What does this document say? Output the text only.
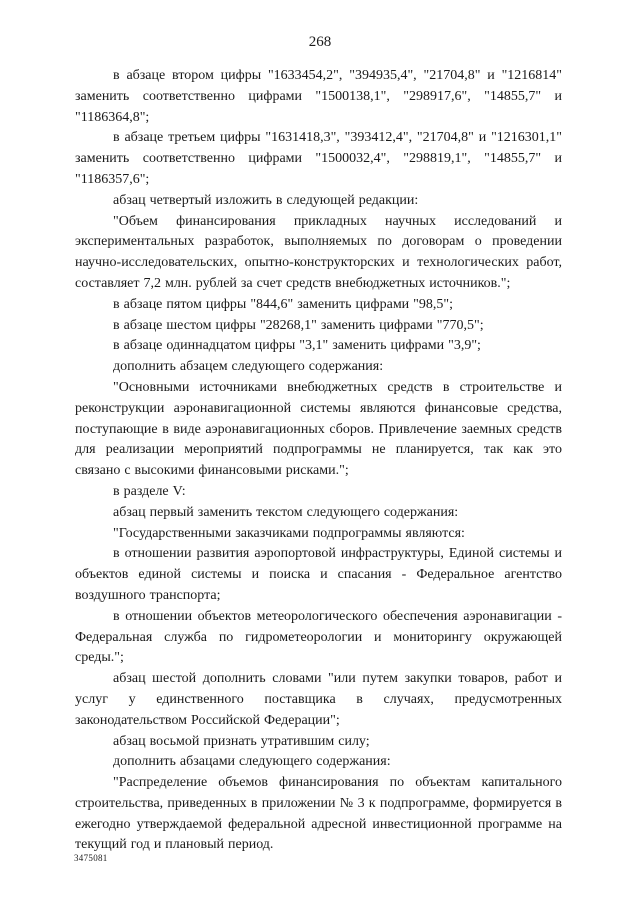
268

в абзаце втором цифры "1633454,2", "394935,4", "21704,8" и "1216814" заменить соответственно цифрами "1500138,1", "298917,6", "14855,7" и "1186364,8";

в абзаце третьем цифры "1631418,3", "393412,4", "21704,8" и "1216301,1" заменить соответственно цифрами "1500032,4", "298819,1", "14855,7" и "1186357,6";

абзац четвертый изложить в следующей редакции:

"Объем финансирования прикладных научных исследований и экспериментальных разработок, выполняемых по договорам о проведении научно-исследовательских, опытно-конструкторских и технологических работ, составляет 7,2 млн. рублей за счет средств внебюджетных источников.";

в абзаце пятом цифры "844,6" заменить цифрами "98,5";

в абзаце шестом цифры "28268,1" заменить цифрами "770,5";

в абзаце одиннадцатом цифры "3,1" заменить цифрами "3,9";

дополнить абзацем следующего содержания:

"Основными источниками внебюджетных средств в строительстве и реконструкции аэронавигационной системы являются финансовые средства, поступающие в виде аэронавигационных сборов. Привлечение заемных средств для реализации мероприятий подпрограммы не планируется, так как это связано с высокими финансовыми рисками.";

в разделе V:

абзац первый заменить текстом следующего содержания:

"Государственными заказчиками подпрограммы являются:

в отношении развития аэропортовой инфраструктуры, Единой системы и объектов единой системы и поиска и спасания - Федеральное агентство воздушного транспорта;

в отношении объектов метеорологического обеспечения аэронавигации - Федеральная служба по гидрометеорологии и мониторингу окружающей среды.";

абзац шестой дополнить словами "или путем закупки товаров, работ и услуг у единственного поставщика в случаях, предусмотренных законодательством Российской Федерации";

абзац восьмой признать утратившим силу;

дополнить абзацами следующего содержания:

"Распределение объемов финансирования по объектам капитального строительства, приведенных в приложении № 3 к подпрограмме, формируется в ежегодно утверждаемой федеральной адресной инвестиционной программе на текущий год и плановый период.

3475081
